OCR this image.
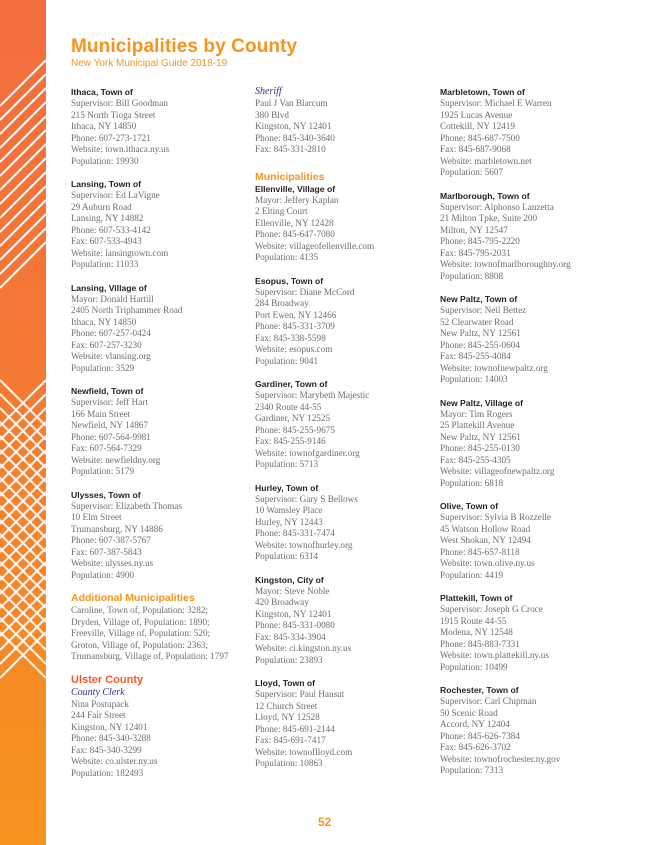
Municipalities by County
New York Municipal Guide 2018-19
Ithaca, Town of
Supervisor: Bill Goodman
215 North Tioga Street
Ithaca, NY 14850
Phone: 607-273-1721
Website: town.ithaca.ny.us
Population: 19930
Lansing, Town of
Supervisor: Ed LaVigne
29 Auburn Road
Lansing, NY 14882
Phone: 607-533-4142
Fax: 607-533-4943
Website: lansingtown.com
Population: 11033
Lansing, Village of
Mayor: Donald Hartill
2405 North Triphammer Road
Ithaca, NY 14850
Phone: 607-257-0424
Fax: 607-257-3230
Website: vlansing.org
Population: 3529
Newfield, Town of
Supervisor: Jeff Hart
166 Main Street
Newfield, NY 14867
Phone: 607-564-9981
Fax: 607-564-7329
Website: newfieldny.org
Population: 5179
Ulysses, Town of
Supervisor: Elizabeth Thomas
10 Elm Street
Trumansburg, NY 14886
Phone: 607-387-5767
Fax: 607-387-5843
Website: ulysses.ny.us
Population: 4900
Additional Municipalities
Caroline, Town of, Population: 3282;
Dryden, Village of, Population: 1890;
Freeville, Village of, Population: 520;
Groton, Village of, Population: 2363;
Trumansburg, Village of, Population: 1797
Ulster County
County Clerk
Nina Postupack
244 Fair Street
Kingston, NY 12401
Phone: 845-340-3288
Fax: 845-340-3299
Website: co.ulster.ny.us
Population: 182493
Sheriff
Paul J Van Blarcum
380 Blvd
Kingston, NY 12401
Phone: 845-340-3640
Fax: 845-331-2810
Municipalities
Ellenville, Village of
Mayor: Jeffery Kaplan
2 Elting Court
Ellenville, NY 12428
Phone: 845-647-7080
Website: villageofellenville.com
Population: 4135
Esopus, Town of
Supervisor: Diane McCord
284 Broadway
Port Ewen, NY 12466
Phone: 845-331-3709
Fax: 845-338-5598
Website: esopus.com
Population: 9041
Gardiner, Town of
Supervisor: Marybeth Majestic
2340 Route 44-55
Gardiner, NY 12525
Phone: 845-255-9675
Fax: 845-255-9146
Website: townofgardiner.org
Population: 5713
Hurley, Town of
Supervisor: Gary S Bellows
10 Wamsley Place
Hurley, NY 12443
Phone: 845-331-7474
Website: townofhurley.org
Population: 6314
Kingston, City of
Mayor: Steve Noble
420 Broadway
Kingston, NY 12401
Phone: 845-331-0080
Fax: 845-334-3904
Website: ci.kingston.ny.us
Population: 23893
Lloyd, Town of
Supervisor: Paul Hansut
12 Church Street
Lloyd, NY 12528
Phone: 845-691-2144
Fax: 845-691-7417
Website: townoflloyd.com
Population: 10863
Marbletown, Town of
Supervisor: Michael E Warren
1925 Lucas Avenue
Cottekill, NY 12419
Phone: 845-687-7500
Fax: 845-687-9068
Website: marbletown.net
Population: 5607
Marlborough, Town of
Supervisor: Alphonso Lanzetta
21 Milton Tpke, Suite 200
Milton, NY 12547
Phone: 845-795-2220
Fax: 845-795-2031
Website: townofmarlboroughny.org
Population: 8808
New Paltz, Town of
Supervisor: Neil Bettez
52 Clearwater Road
New Paltz, NY 12561
Phone: 845-255-0604
Fax: 845-255-4084
Website: townofnewpaltz.org
Population: 14003
New Paltz, Village of
Mayor: Tim Rogers
25 Plattekill Avenue
New Paltz, NY 12561
Phone: 845-255-0130
Fax: 845-255-4305
Website: villageofnewpaltz.org
Population: 6818
Olive, Town of
Supervisor: Sylvia B Rozzelle
45 Watson Hollow Road
West Shokan, NY 12494
Phone: 845-657-8118
Website: town.olive.ny.us
Population: 4419
Plattekill, Town of
Supervisor: Joseph G Croce
1915 Route 44-55
Modena, NY 12548
Phone: 845-883-7331
Website: town.plattekill.ny.us
Population: 10499
Rochester, Town of
Supervisor: Carl Chipman
50 Scenic Road
Accord, NY 12404
Phone: 845-626-7384
Fax: 845-626-3702
Website: townofrochester.ny.gov
Population: 7313
52
